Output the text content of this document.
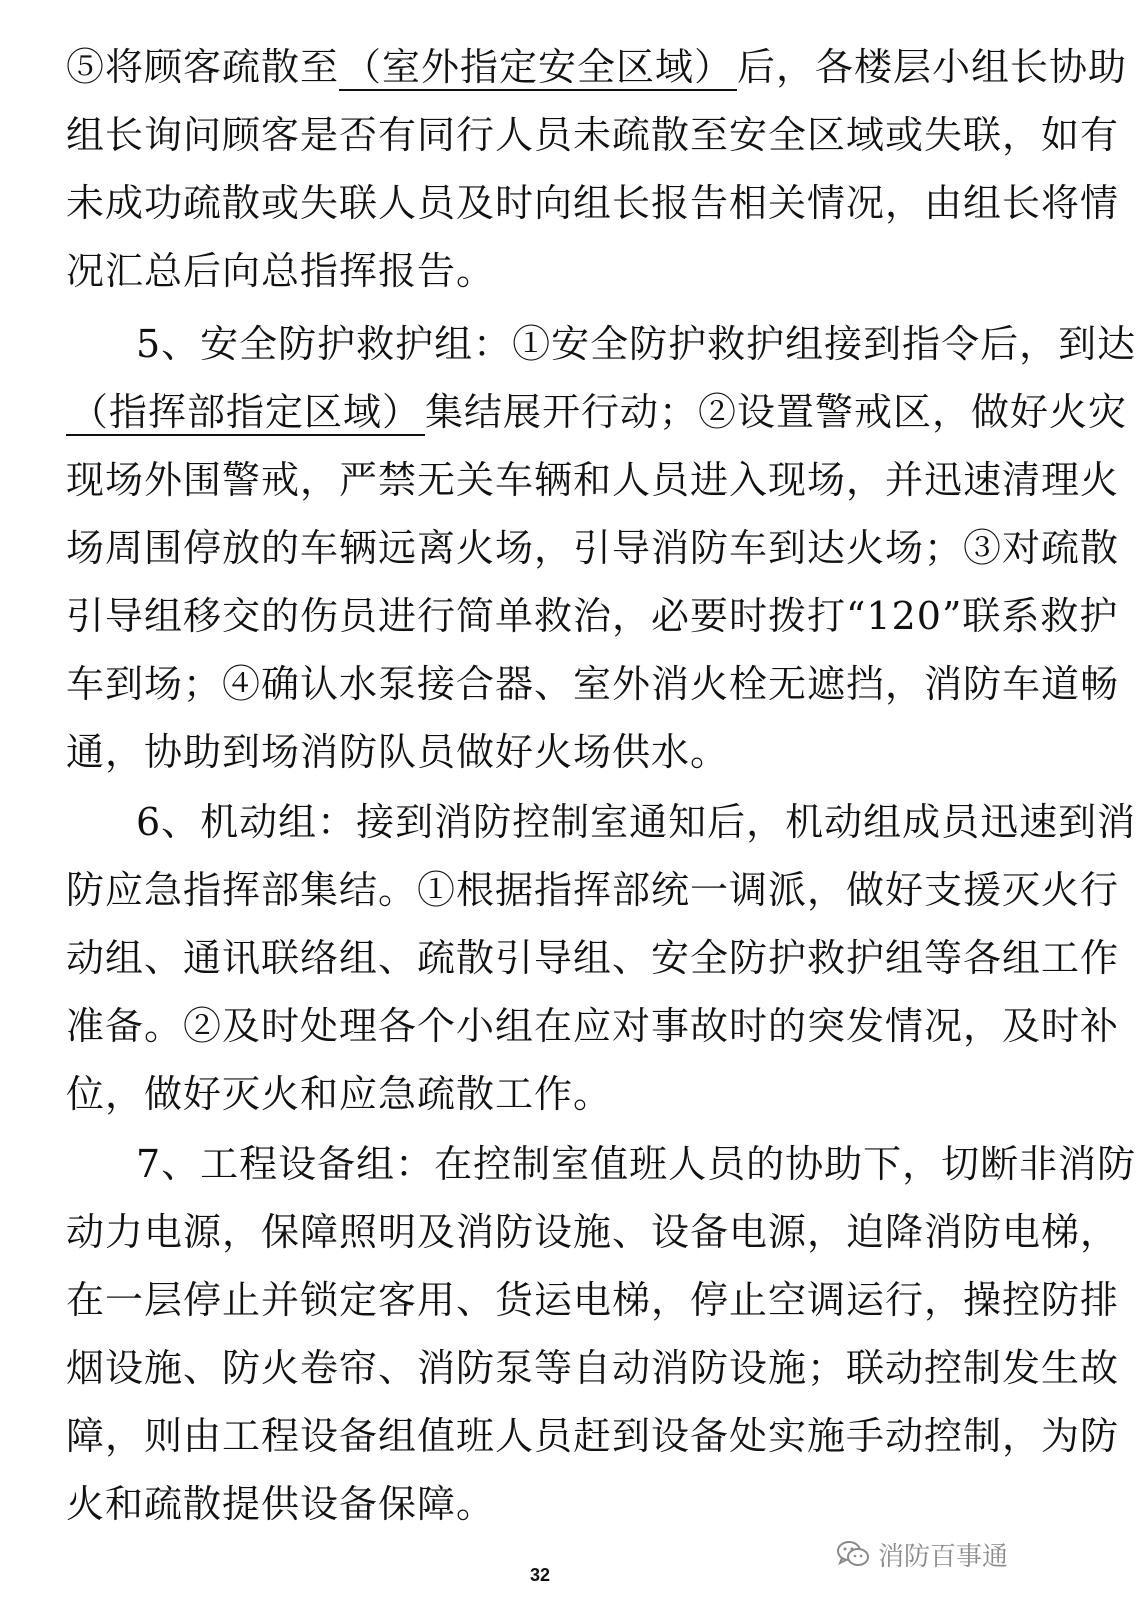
⑤将顾客疏散至 （室外指定安全区域） 后，各楼层小组长协助
组长询问顾客是否有同行人员未疏散至安全区域或失联，如有
未成功疏散或失联人员及时向组长报告相关情况，由组长将情
况汇总后向总指挥报告。
5、安全防护救护组：①安全防护救护组接到指令后，到达
（指挥部指定区域） 集结展开行动；②设置警戒区，做好火灾
现场外围警戒，严禁无关车辆和人员进入现场，并迅速清理火
场周围停放的车辆远离火场，引导消防车到达火场；③对疏散
引导组移交的伤员进行简单救治，必要时拨打“120”联系救护
车到场；④确认水泵接合器、室外消火栓无遮挡，消防车道畅
通，协助到场消防队员做好火场供水。
6、机动组：接到消防控制室通知后，机动组成员迅速到消
防应急指挥部集结。①根据指挥部统一调派，做好支援灭火行
动组、通讯联络组、疏散引导组、安全防护救护组等各组工作
准备。②及时处理各个小组在应对事故时的突发情况，及时补
位，做好灭火和应急疏散工作。
7、工程设备组：在控制室值班人员的协助下，切断非消防
动力电源，保障照明及消防设施、设备电源，迫降消防电梯，
在一层停止并锁定客用、货运电梯，停止空调运行，操控防排
烟设施、防火卷帘、消防泵等自动消防设施；联动控制发生故
障，则由工程设备组值班人员赶到设备处实施手动控制，为防
火和疏散提供设备保障。
消防百事通
32
